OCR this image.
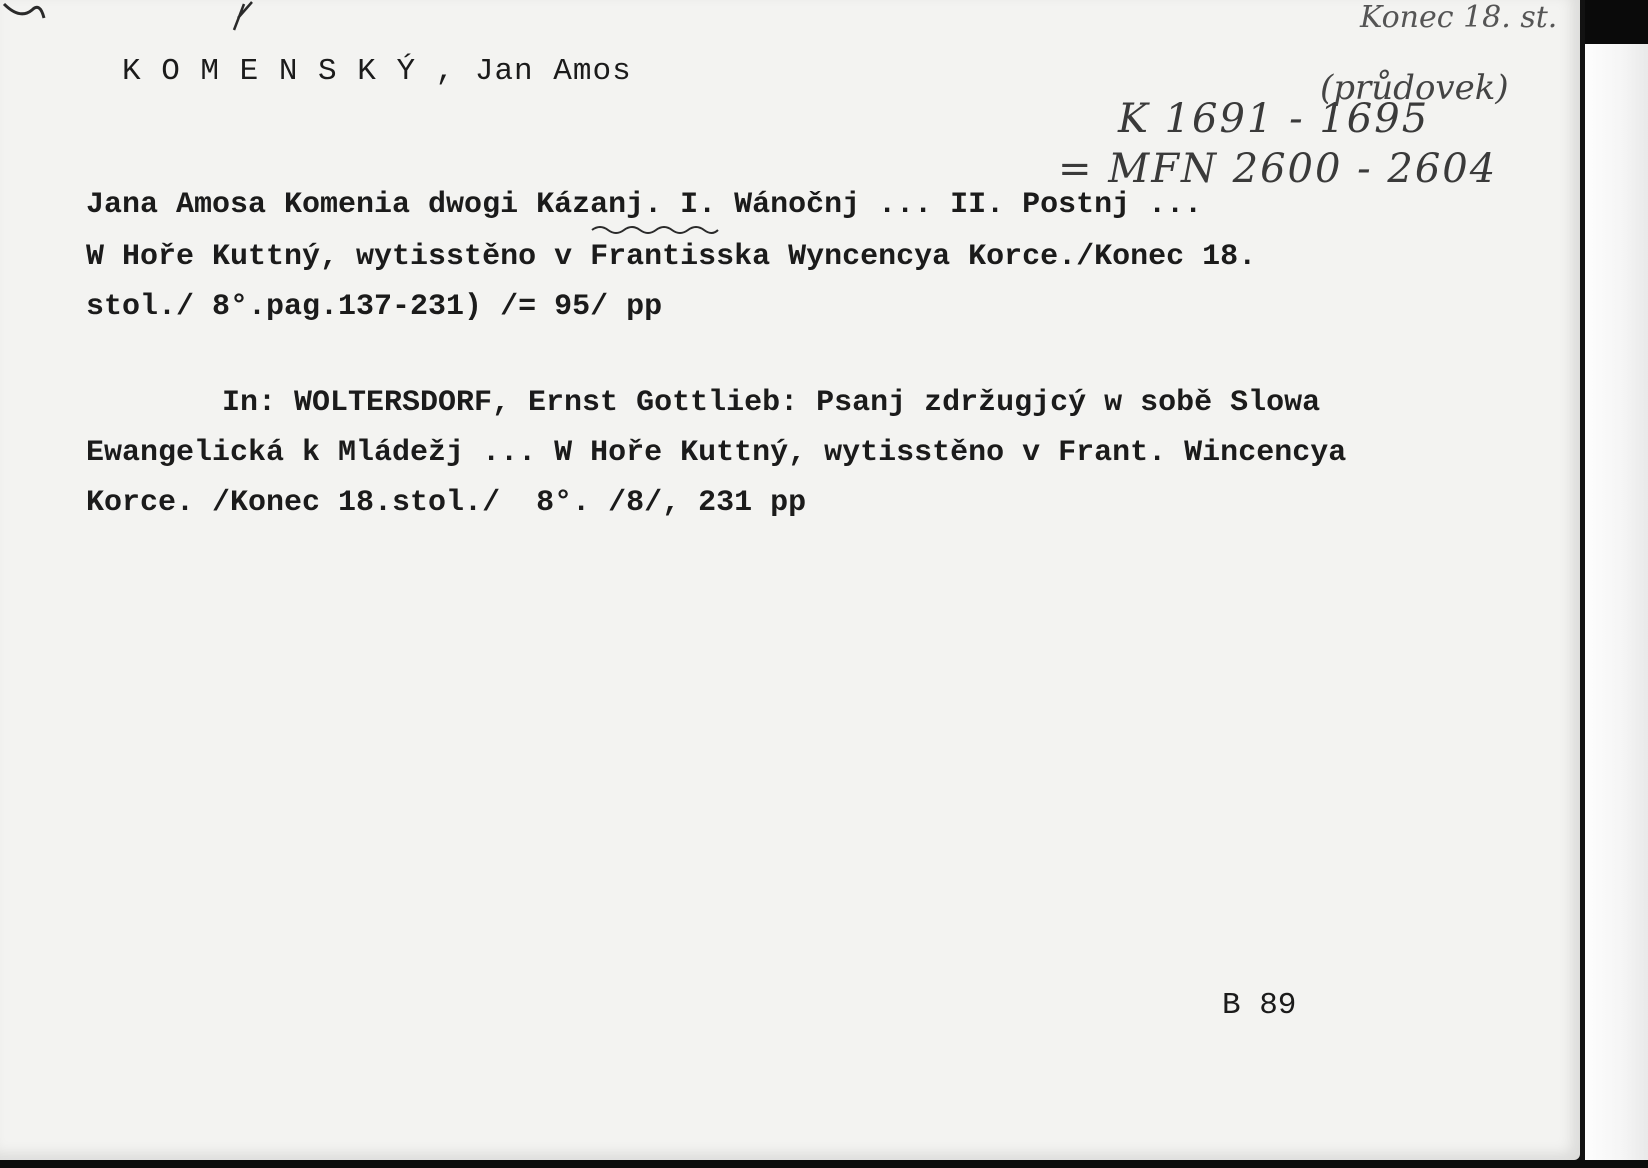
Konec 18. st.
(průdovek)
K 1691 - 1695
= MFN 2600 - 2604
K O M E N S K Ý , Jan Amos
Jana Amosa Komenia dwogi Kázanj. I. Wánočnj ... II. Postnj ...
W Hoře Kuttný, wytisstěno v Frantisska Wyncencya Korce./Konec 18.
stol./ 8°.pag.137-231) /= 95/ pp
In: WOLTERSDORF, Ernst Gottlieb: Psanj zdržugjcý w sobě Slowa
Ewangelická k Mládežj ... W Hoře Kuttný, wytisstěno v Frant. Wincencya
Korce. /Konec 18.stol./  8°. /8/, 231 pp
B 89
